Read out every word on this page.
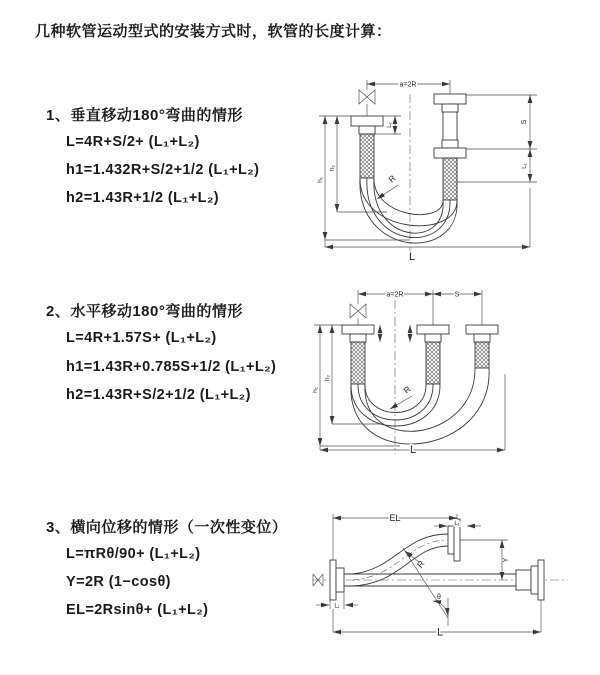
几种软管运动型式的安装方式时，软管的长度计算：
1、垂直移动180°弯曲的情形
L=4R+S/2+ (L₁+L₂)
h1=1.432R+S/2+1/2 (L₁+L₂)
h2=1.43R+1/2 (L₁+L₂)
a=2R
S
L₁
L₁
h₁
h₂
R
L
2、水平移动180°弯曲的情形
L=4R+1.57S+ (L₁+L₂)
h1=1.43R+0.785S+1/2 (L₁+L₂)
h2=1.43R+S/2+1/2 (L₁+L₂)
a=2R	S
h₁
h₂
R
L
3、横向位移的情形（一次性变位）
L=πRθ/90+ (L₁+L₂)
Y=2R (1−cosθ)
EL=2Rsinθ+ (L₁+L₂)
EL
L₁
Y
R
θ
L₁
L
